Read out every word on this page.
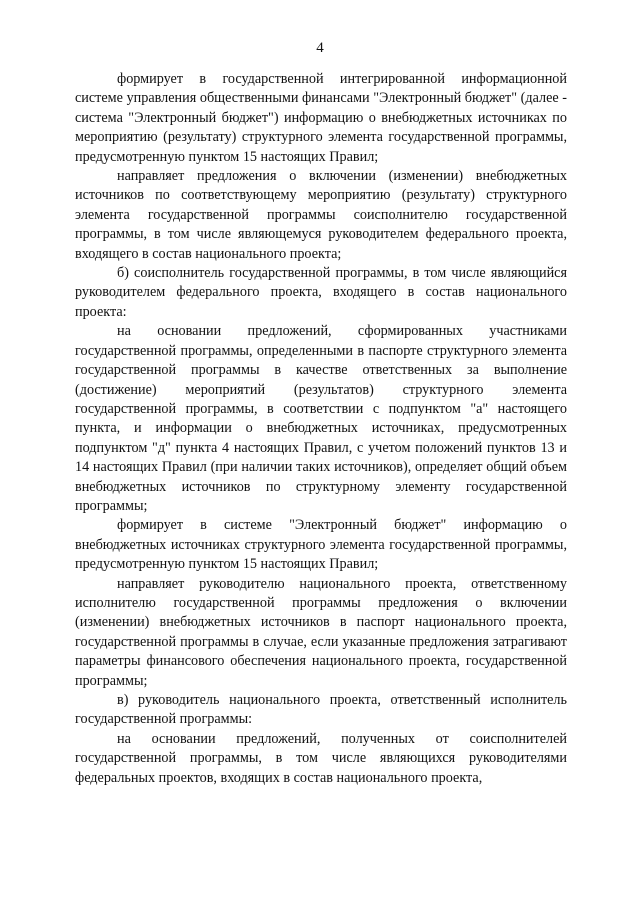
4

формирует в государственной интегрированной информационной системе управления общественными финансами "Электронный бюджет" (далее - система "Электронный бюджет") информацию о внебюджетных источниках по мероприятию (результату) структурного элемента государственной программы, предусмотренную пунктом 15 настоящих Правил;

направляет предложения о включении (изменении) внебюджетных источников по соответствующему мероприятию (результату) структурного элемента государственной программы соисполнителю государственной программы, в том числе являющемуся руководителем федерального проекта, входящего в состав национального проекта;

б) соисполнитель государственной программы, в том числе являющийся руководителем федерального проекта, входящего в состав национального проекта:

на основании предложений, сформированных участниками государственной программы, определенными в паспорте структурного элемента государственной программы в качестве ответственных за выполнение (достижение) мероприятий (результатов) структурного элемента государственной программы, в соответствии с подпунктом "а" настоящего пункта, и информации о внебюджетных источниках, предусмотренных подпунктом "д" пункта 4 настоящих Правил, с учетом положений пунктов 13 и 14 настоящих Правил (при наличии таких источников), определяет общий объем внебюджетных источников по структурному элементу государственной программы;

формирует в системе "Электронный бюджет" информацию о внебюджетных источниках структурного элемента государственной программы, предусмотренную пунктом 15 настоящих Правил;

направляет руководителю национального проекта, ответственному исполнителю государственной программы предложения о включении (изменении) внебюджетных источников в паспорт национального проекта, государственной программы в случае, если указанные предложения затрагивают параметры финансового обеспечения национального проекта, государственной программы;

в) руководитель национального проекта, ответственный исполнитель государственной программы:

на основании предложений, полученных от соисполнителей государственной программы, в том числе являющихся руководителями федеральных проектов, входящих в состав национального проекта,
